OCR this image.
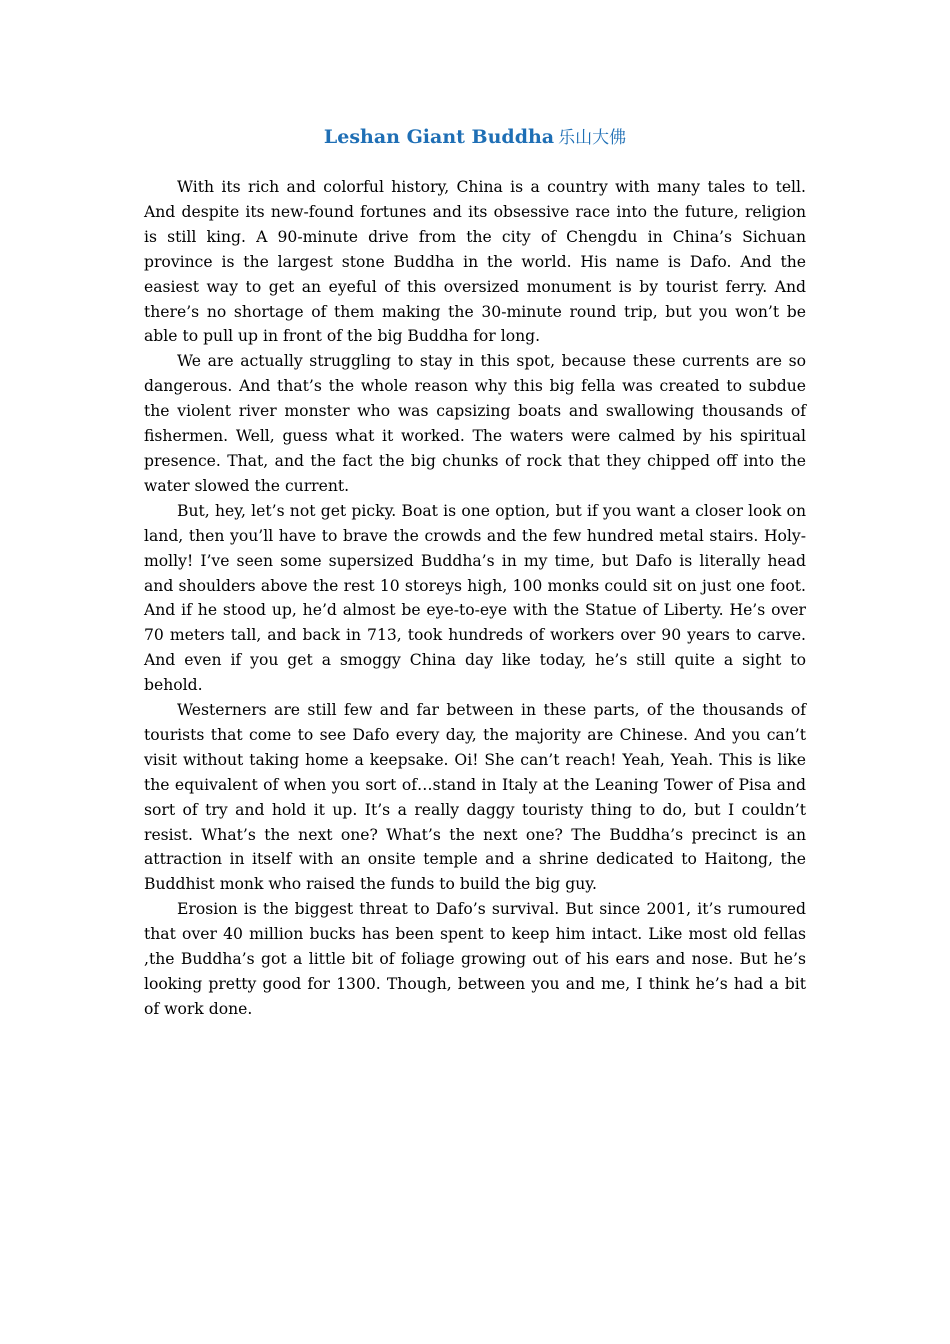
Leshan Giant Buddha 乐山大佛

With its rich and colorful history, China is a country with many tales to tell. And despite its new-found fortunes and its obsessive race into the future, religion is still king. A 90-minute drive from the city of Chengdu in China’s Sichuan province is the largest stone Buddha in the world. His name is Dafo. And the easiest way to get an eyeful of this oversized monument is by tourist ferry. And there’s no shortage of them making the 30-minute round trip, but you won’t be able to pull up in front of the big Buddha for long.

We are actually struggling to stay in this spot, because these currents are so dangerous. And that’s the whole reason why this big fella was created to subdue the violent river monster who was capsizing boats and swallowing thousands of fishermen. Well, guess what it worked. The waters were calmed by his spiritual presence. That, and the fact the big chunks of rock that they chipped off into the water slowed the current.

But, hey, let’s not get picky. Boat is one option, but if you want a closer look on land, then you’ll have to brave the crowds and the few hundred metal stairs. Holy-molly! I’ve seen some supersized Buddha’s in my time, but Dafo is literally head and shoulders above the rest 10 storeys high, 100 monks could sit on just one foot. And if he stood up, he’d almost be eye-to-eye with the Statue of Liberty. He’s over 70 meters tall, and back in 713, took hundreds of workers over 90 years to carve. And even if you get a smoggy China day like today, he’s still quite a sight to behold.

Westerners are still few and far between in these parts, of the thousands of tourists that come to see Dafo every day, the majority are Chinese. And you can’t visit without taking home a keepsake. Oi! She can’t reach! Yeah, Yeah. This is like the equivalent of when you sort of…stand in Italy at the Leaning Tower of Pisa and sort of try and hold it up. It’s a really daggy touristy thing to do, but I couldn’t resist. What’s the next one? What’s the next one? The Buddha’s precinct is an attraction in itself with an onsite temple and a shrine dedicated to Haitong, the Buddhist monk who raised the funds to build the big guy.

Erosion is the biggest threat to Dafo’s survival. But since 2001, it’s rumoured that over 40 million bucks has been spent to keep him intact. Like most old fellas ,the Buddha’s got a little bit of foliage growing out of his ears and nose. But he’s looking pretty good for 1300. Though, between you and me, I think he’s had a bit of work done.
